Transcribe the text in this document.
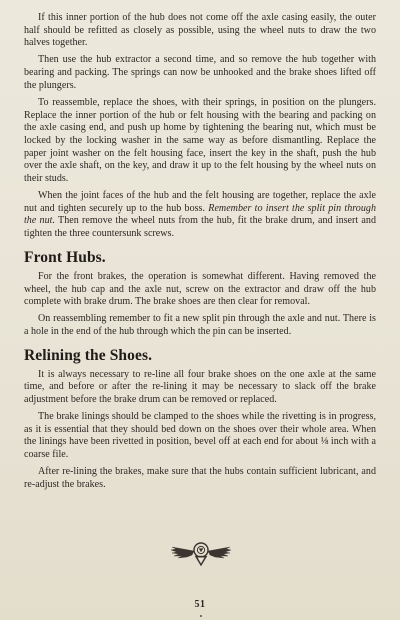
If this inner portion of the hub does not come off the axle casing easily, the outer half should be refitted as closely as possible, using the wheel nuts to draw the two halves together.

Then use the hub extractor a second time, and so remove the hub together with bearing and packing. The springs can now be unhooked and the brake shoes lifted off the plungers.

To reassemble, replace the shoes, with their springs, in position on the plungers. Replace the inner portion of the hub or felt housing with the bearing and packing on the axle casing end, and push up home by tightening the bearing nut, which must be locked by the locking washer in the same way as before dismantling. Replace the paper joint washer on the felt housing face, insert the key in the shaft, push the hub over the axle shaft, on the key, and draw it up to the felt housing by the wheel nuts on their studs.

When the joint faces of the hub and the felt housing are together, replace the axle nut and tighten securely up to the hub boss. Remember to insert the split pin through the nut. Then remove the wheel nuts from the hub, fit the brake drum, and insert and tighten the three countersunk screws.

Front Hubs.

For the front brakes, the operation is somewhat different. Having removed the wheel, the hub cap and the axle nut, screw on the extractor and draw off the hub complete with brake drum. The brake shoes are then clear for removal.

On reassembling remember to fit a new split pin through the axle and nut. There is a hole in the end of the hub through which the pin can be inserted.

Relining the Shoes.

It is always necessary to re-line all four brake shoes on the one axle at the same time, and before or after the re-lining it may be necessary to slack off the brake adjustment before the brake drum can be removed or replaced.

The brake linings should be clamped to the shoes while the rivetting is in progress, as it is essential that they should bed down on the shoes over their whole area. When the linings have been rivetted in position, bevel off at each end for about ⅛ inch with a coarse file.

After re-lining the brakes, make sure that the hubs contain sufficient lubricant, and re-adjust the brakes.

51
